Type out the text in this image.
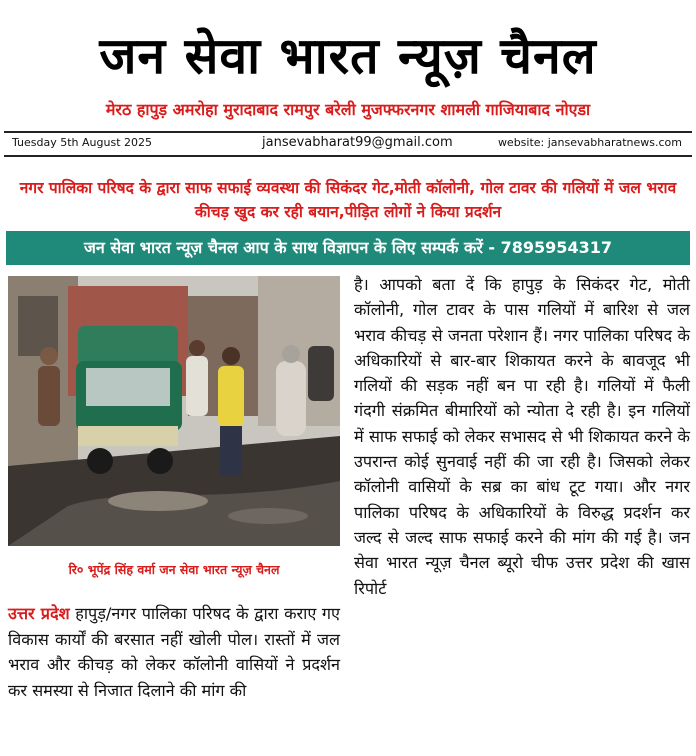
जन सेवा भारत न्यूज़ चैनल
मेरठ हापुड़ अमरोहा मुरादाबाद रामपुर बरेली मुजफ्फरनगर शामली गाजियाबाद नोएडा
Tuesday 5th August 2025	jansevabharat99@gmail.com	website: jansevabharatnews.com
नगर पालिका परिषद के द्वारा साफ सफाई व्यवस्था की सिकंदर गेट,मोती कॉलोनी, गोल टावर की गलियों में जल भराव कीचड़ खुद कर रही बयान,पीड़ित लोगों ने किया प्रदर्शन
जन सेवा भारत न्यूज़ चैनल आप के साथ विज्ञापन के लिए सम्पर्क करें - 7895954317
रि० भूपेंद्र सिंह वर्मा जन सेवा भारत न्यूज़ चैनल
उत्तर प्रदेश हापुड़/नगर पालिका परिषद के द्वारा कराए गए विकास कार्यों की बरसात नहीं खोली पोल। रास्तों में जल भराव और कीचड़ को लेकर कॉलोनी वासियों ने प्रदर्शन कर समस्या से निजात दिलाने की मांग की
है। आपको बता दें कि हापुड़ के सिकंदर गेट, मोती कॉलोनी, गोल टावर के पास गलियों में बारिश से जल भराव कीचड़ से जनता परेशान हैं। नगर पालिका परिषद के अधिकारियों से बार-बार शिकायत करने के बावजूद भी गलियों की सड़क नहीं बन पा रही है। गलियों में फैली गंदगी संक्रमित बीमारियों को न्योता दे रही है। इन गलियों में साफ सफाई को लेकर सभासद से भी शिकायत करने के उपरान्त कोई सुनवाई नहीं की जा रही है। जिसको लेकर कॉलोनी वासियों के सब्र का बांध टूट गया। और नगर पालिका परिषद के अधिकारियों के विरुद्ध प्रदर्शन कर जल्द से जल्द साफ सफाई करने की मांग की गई है। जन सेवा भारत न्यूज़ चैनल ब्यूरो चीफ उत्तर प्रदेश की खास रिपोर्ट
